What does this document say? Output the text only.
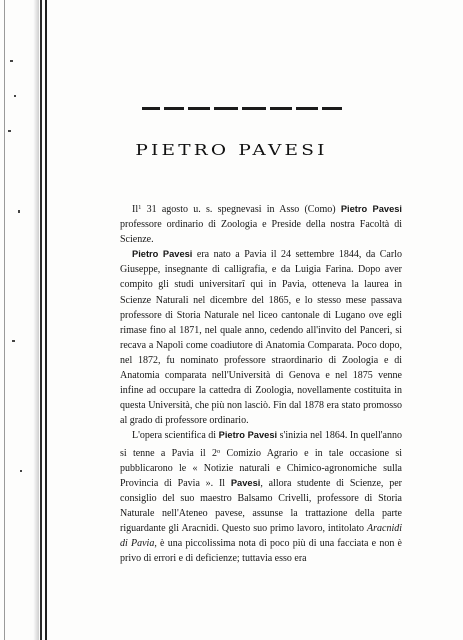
PIETRO PAVESI

Il$^1$ 31 agosto u. s. spegnevasi in Asso (Como) Pietro Pavesi professore ordinario di Zoologia e Preside della nostra Facoltà di Scienze.

Pietro Pavesi era nato a Pavia il 24 settembre 1844, da Carlo Giuseppe, insegnante di calligrafia, e da Luigia Farina. Dopo aver compito gli studi universitarî qui in Pavia, otteneva la laurea in Scienze Naturali nel dicembre del 1865, e lo stesso mese passava professore di Storia Naturale nel liceo cantonale di Lugano ove egli rimase fino al 1871, nel quale anno, cedendo all'invito del Panceri, si recava a Napoli come coadiutore di Anatomia Comparata. Poco dopo, nel 1872, fu nominato professore straordinario di Zoologia e di Anatomia comparata nell'Università di Genova e nel 1875 venne infine ad occupare la cattedra di Zoologia, novellamente costituita in questa Università, che più non lasciò. Fin dal 1878 era stato promosso al grado di professore ordinario.

L'opera scientifica di Pietro Pavesi s'inizia nel 1864. In quell'anno si tenne a Pavia il 2$^o$ Comizio Agrario e in tale occasione si pubblicarono le « Notizie naturali e Chimico-agronomiche sulla Provincia di Pavia ». Il Pavesi, allora studente di Scienze, per consiglio del suo maestro Balsamo Crivelli, professore di Storia Naturale nell'Ateneo pavese, assunse la trattazione della parte riguardante gli Aracnidi. Questo suo primo lavoro, intitolato Aracnidi di Pavia, è una piccolissima nota di poco più di una facciata e non è privo di errori e di deficienze; tuttavia esso era
